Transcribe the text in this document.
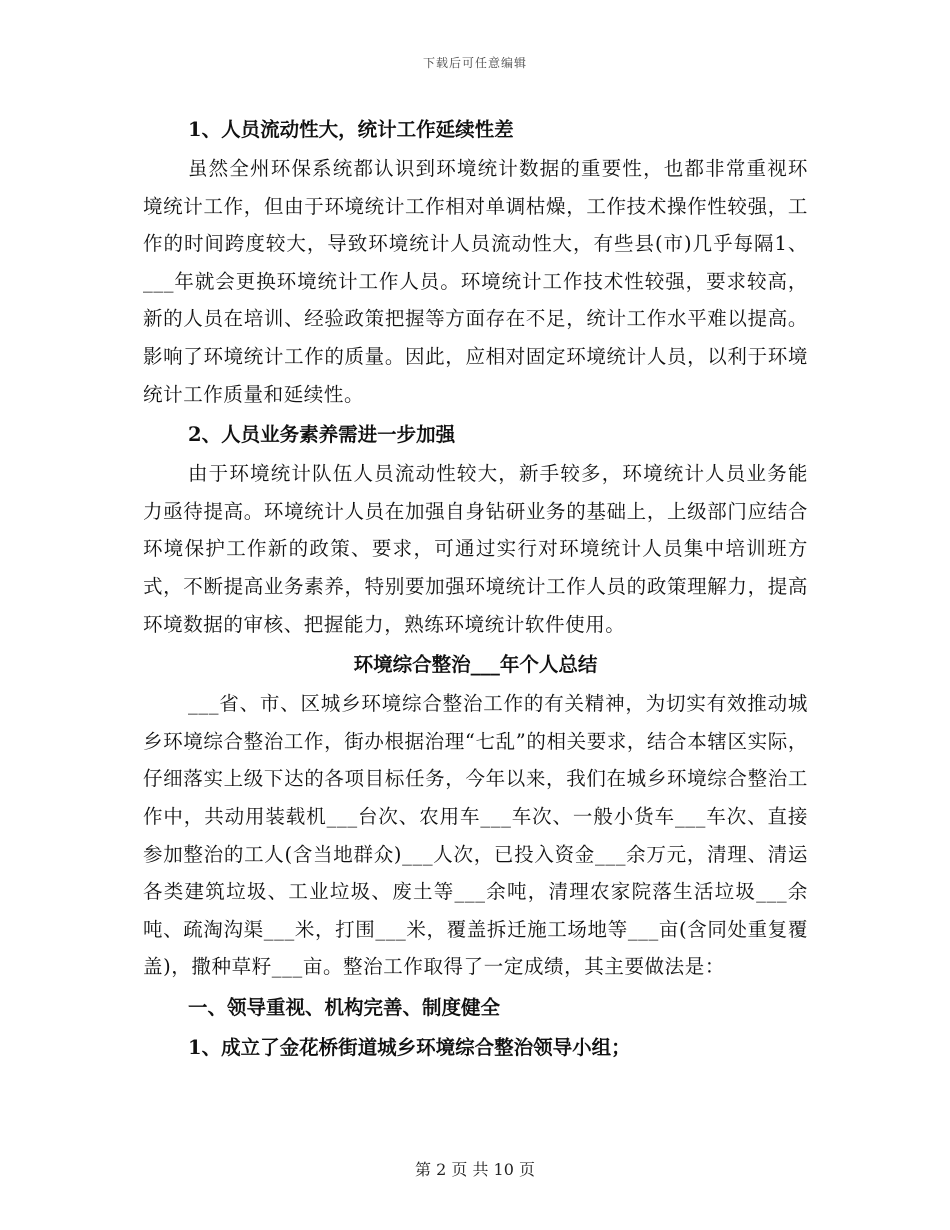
下载后可任意编辑

1、人员流动性大，统计工作延续性差

虽然全州环保系统都认识到环境统计数据的重要性，也都非常重视环境统计工作，但由于环境统计工作相对单调枯燥，工作技术操作性较强，工作的时间跨度较大，导致环境统计人员流动性大，有些县(市)几乎每隔1、___年就会更换环境统计工作人员。环境统计工作技术性较强，要求较高，新的人员在培训、经验政策把握等方面存在不足，统计工作水平难以提高。影响了环境统计工作的质量。因此，应相对固定环境统计人员，以利于环境统计工作质量和延续性。

2、人员业务素养需进一步加强

由于环境统计队伍人员流动性较大，新手较多，环境统计人员业务能力亟待提高。环境统计人员在加强自身钻研业务的基础上，上级部门应结合环境保护工作新的政策、要求，可通过实行对环境统计人员集中培训班方式，不断提高业务素养，特别要加强环境统计工作人员的政策理解力，提高环境数据的审核、把握能力，熟练环境统计软件使用。

环境综合整治___年个人总结

___省、市、区城乡环境综合整治工作的有关精神，为切实有效推动城乡环境综合整治工作，街办根据治理“七乱”的相关要求，结合本辖区实际，仔细落实上级下达的各项目标任务，今年以来，我们在城乡环境综合整治工作中，共动用装载机___台次、农用车___车次、一般小货车___车次、直接参加整治的工人(含当地群众)___人次，已投入资金___余万元，清理、清运各类建筑垃圾、工业垃圾、废土等___余吨，清理农家院落生活垃圾___余吨、疏淘沟渠___米，打围___米，覆盖拆迁施工场地等___亩(含同处重复覆盖)，撒种草籽___亩。整治工作取得了一定成绩，其主要做法是：

一、领导重视、机构完善、制度健全

1、成立了金花桥街道城乡环境综合整治领导小组；

第 2 页 共 10 页
